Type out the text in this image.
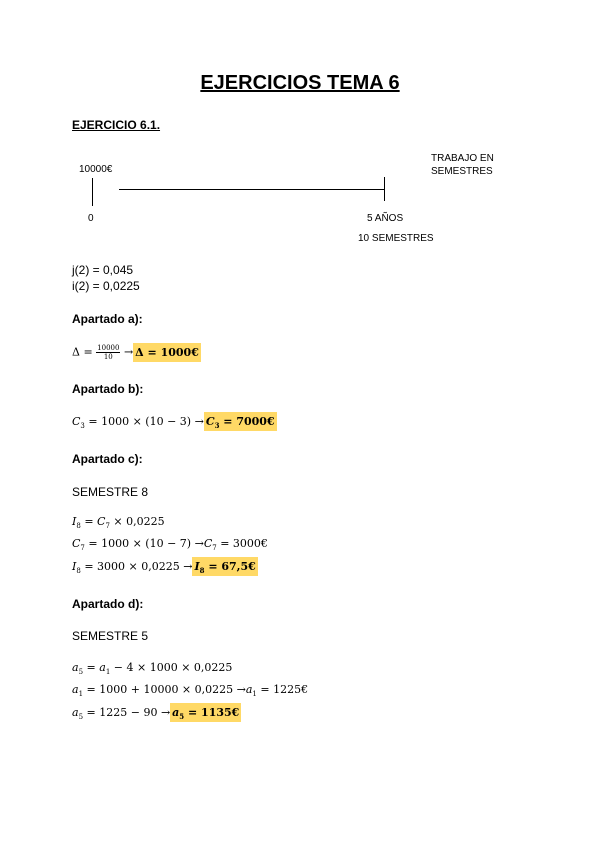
EJERCICIOS TEMA 6
EJERCICIO 6.1.
10000€
0	5 AÑOS
10 SEMESTRES
TRABAJO EN
SEMESTRES
j(2) = 0,045
i(2) = 0,0225
Apartado a):
$\Delta = \frac{10000}{10} \to \Delta$ = 1000€
Apartado b):
$C_3 = 1000 \times (10 - 3) \to C_3$ = 7000€
Apartado c):
SEMESTRE 8
$I_8 = C_7 \times 0,0225$
$C_7 = 1000 \times (10 - 7) \to C_7$ = 3000€
$I_8 = 3000 \times 0,0225 \to I_8$ = 67,5€
Apartado d):
SEMESTRE 5
$a_5 = a_1 - 4 \times 1000 \times 0,0225$
$a_1 = 1000 + 10000 \times 0,0225 \to a_1$ = 1225€
$a_5 = 1225 - 90 \to a_5$ = 1135€
